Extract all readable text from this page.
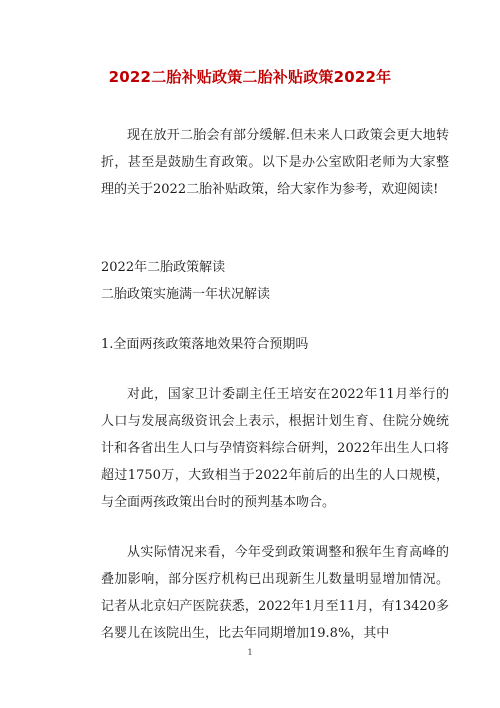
2022二胎补贴政策二胎补贴政策2022年

现在放开二胎会有部分缓解.但未来人口政策会更大地转折，甚至是鼓励生育政策。以下是办公室欧阳老师为大家整理的关于2022二胎补贴政策，给大家作为参考，欢迎阅读!

2022年二胎政策解读
二胎政策实施满一年状况解读
1.全面两孩政策落地效果符合预期吗

对此，国家卫计委副主任王培安在2022年11月举行的人口与发展高级资讯会上表示，根据计划生育、住院分娩统计和各省出生人口与孕情资料综合研判，2022年出生人口将超过1750万，大致相当于2022年前后的出生的人口规模，与全面两孩政策出台时的预判基本吻合。

从实际情况来看，今年受到政策调整和猴年生育高峰的叠加影响，部分医疗机构已出现新生儿数量明显增加情况。记者从北京妇产医院获悉，2022年1月至11月，有13420多名婴儿在该院出生，比去年同期增加19.8%，其中

1
